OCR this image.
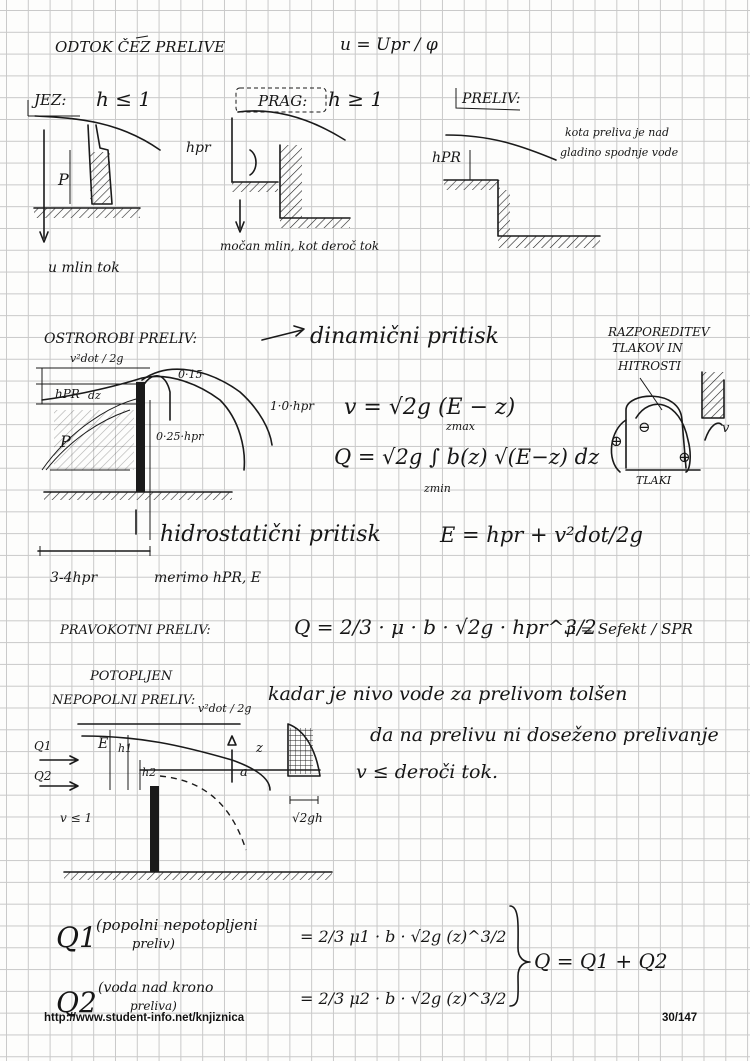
ODTOK ČEZ PRELIVE	u = Upr / φ
JEZ: h ≤ 1	PRAG: h ≥ 1	PRELIV:
P
u mlin tok
hpr
močan mlin, kot deroč tok
hPR
kota preliva je nad
gladino spodnje vode
OSTROROBI PRELIV:	dinamični pritisk
v²dot / 2g
hPR dz
P
0·15
1·0·hpr
0·25·hpr
3-4hpr	merimo hPR, E
v = √2g (E − z)
zmax
Q = √2g ∫ b(z) √(E−z) dz
zmin
hidrostatični pritisk	E = hpr + v²dot/2g
RAZPOREDITEV
TLAKOV IN
HITROSTI
⊖
⊕
⊕
v
TLAKI
PRAVOKOTNI PRELIV:	Q = 2/3 · μ · b · √2g · hpr^3/2
μ = Sefekt / SPR
POTOPLJEN
NEPOPOLNI PRELIV:	kadar je nivo vode za prelivom tolšen
da na prelivu ni doseženo prelivanje
v ≤ deroči tok.
v²dot / 2g
Q1
Q2
E h1
h2
z
a
v ≤ 1	√2gh
Q1 (popolni nepotopljeni
preliv)	= 2/3 μ1 · b · √2g (z)^3/2
Q2 (voda nad krono
preliva)	= 2/3 μ2 · b · √2g (z)^3/2
Q = Q1 + Q2
http://www.student-info.net/knjiznica	30/147
